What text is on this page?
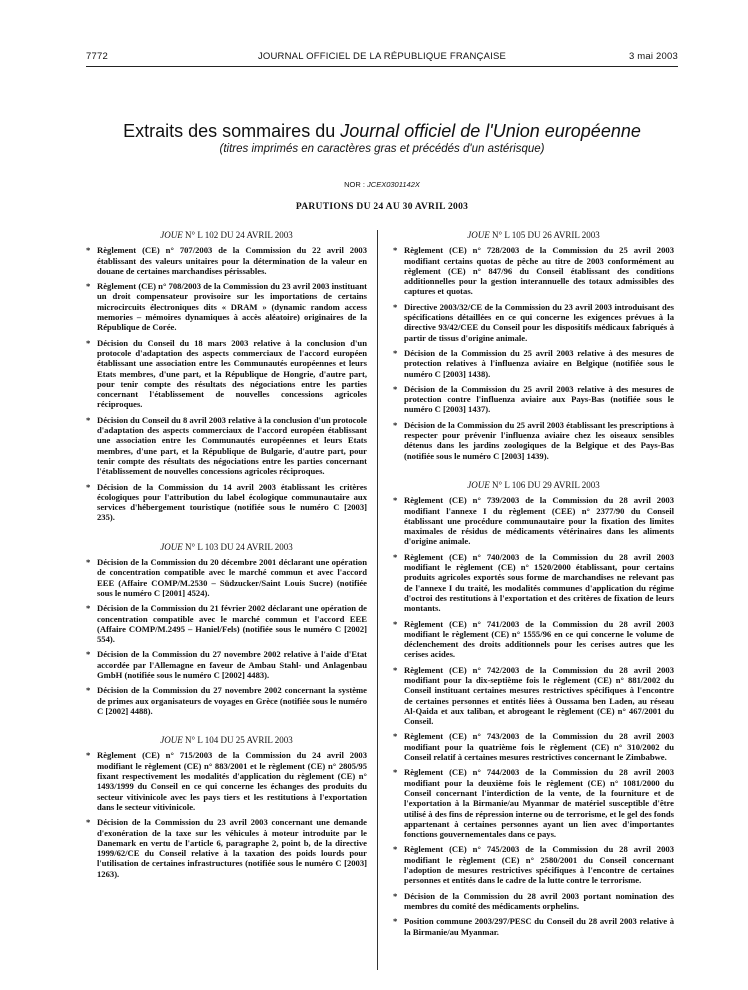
7772	JOURNAL OFFICIEL DE LA RÉPUBLIQUE FRANÇAISE	3 mai 2003
Extraits des sommaires du Journal officiel de l'Union européenne
(titres imprimés en caractères gras et précédés d'un astérisque)
NOR : JCEX0301142X
PARUTIONS DU 24 AU 30 AVRIL 2003
JOUE N° L 102 DU 24 AVRIL 2003
* Règlement (CE) n° 707/2003 de la Commission du 22 avril 2003 établissant des valeurs unitaires pour la détermination de la valeur en douane de certaines marchandises périssables.
* Règlement (CE) n° 708/2003 de la Commission du 23 avril 2003 instituant un droit compensateur provisoire sur les importations de certains microcircuits électroniques dits « DRAM » (dynamic random access memories – mémoires dynamiques à accès aléatoire) originaires de la République de Corée.
* Décision du Conseil du 18 mars 2003 relative à la conclusion d'un protocole d'adaptation des aspects commerciaux de l'accord européen établissant une association entre les Communautés européennes et leurs Etats membres, d'une part, et la République de Hongrie, d'autre part, pour tenir compte des résultats des négociations entre les parties concernant l'établissement de nouvelles concessions agricoles réciproques.
* Décision du Conseil du 8 avril 2003 relative à la conclusion d'un protocole d'adaptation des aspects commerciaux de l'accord européen établissant une association entre les Communautés européennes et leurs Etats membres, d'une part, et la République de Bulgarie, d'autre part, pour tenir compte des résultats des négociations entre les parties concernant l'établissement de nouvelles concessions agricoles réciproques.
* Décision de la Commission du 14 avril 2003 établissant les critères écologiques pour l'attribution du label écologique communautaire aux services d'hébergement touristique (notifiée sous le numéro C [2003] 235).
JOUE N° L 103 DU 24 AVRIL 2003
* Décision de la Commission du 20 décembre 2001 déclarant une opération de concentration compatible avec le marché commun et avec l'accord EEE (Affaire COMP/M.2530 – Südzucker/Saint Louis Sucre) (notifiée sous le numéro C [2001] 4524).
* Décision de la Commission du 21 février 2002 déclarant une opération de concentration compatible avec le marché commun et l'accord EEE (Affaire COMP/M.2495 – Haniel/Fels) (notifiée sous le numéro C [2002] 554).
* Décision de la Commission du 27 novembre 2002 relative à l'aide d'Etat accordée par l'Allemagne en faveur de Ambau Stahl- und Anlagenbau GmbH (notifiée sous le numéro C [2002] 4483).
* Décision de la Commission du 27 novembre 2002 concernant la système de primes aux organisateurs de voyages en Grèce (notifiée sous le numéro C [2002] 4488).
JOUE N° L 104 DU 25 AVRIL 2003
* Règlement (CE) n° 715/2003 de la Commission du 24 avril 2003 modifiant le règlement (CE) n° 883/2001 et le règlement (CE) n° 2805/95 fixant respectivement les modalités d'application du règlement (CE) n° 1493/1999 du Conseil en ce qui concerne les échanges des produits du secteur vitivinicole avec les pays tiers et les restitutions à l'exportation dans le secteur vitivinicole.
* Décision de la Commission du 23 avril 2003 concernant une demande d'exonération de la taxe sur les véhicules à moteur introduite par le Danemark en vertu de l'article 6, paragraphe 2, point b, de la directive 1999/62/CE du Conseil relative à la taxation des poids lourds pour l'utilisation de certaines infrastructures (notifiée sous le numéro C [2003] 1263).
JOUE N° L 105 DU 26 AVRIL 2003
* Règlement (CE) n° 728/2003 de la Commission du 25 avril 2003 modifiant certains quotas de pêche au titre de 2003 conformément au règlement (CE) n° 847/96 du Conseil établissant des conditions additionnelles pour la gestion interannuelle des totaux admissibles des captures et quotas.
* Directive 2003/32/CE de la Commission du 23 avril 2003 introduisant des spécifications détaillées en ce qui concerne les exigences prévues à la directive 93/42/CEE du Conseil pour les dispositifs médicaux fabriqués à partir de tissus d'origine animale.
* Décision de la Commission du 25 avril 2003 relative à des mesures de protection relatives à l'influenza aviaire en Belgique (notifiée sous le numéro C [2003] 1438).
* Décision de la Commission du 25 avril 2003 relative à des mesures de protection contre l'influenza aviaire aux Pays-Bas (notifiée sous le numéro C [2003] 1437).
* Décision de la Commission du 25 avril 2003 établissant les prescriptions à respecter pour prévenir l'influenza aviaire chez les oiseaux sensibles détenus dans les jardins zoologiques de la Belgique et des Pays-Bas (notifiée sous le numéro C [2003] 1439).
JOUE N° L 106 DU 29 AVRIL 2003
* Règlement (CE) n° 739/2003 de la Commission du 28 avril 2003 modifiant l'annexe I du règlement (CEE) n° 2377/90 du Conseil établissant une procédure communautaire pour la fixation des limites maximales de résidus de médicaments vétérinaires dans les aliments d'origine animale.
* Règlement (CE) n° 740/2003 de la Commission du 28 avril 2003 modifiant le règlement (CE) n° 1520/2000 établissant, pour certains produits agricoles exportés sous forme de marchandises ne relevant pas de l'annexe I du traité, les modalités communes d'application du régime d'octroi des restitutions à l'exportation et des critères de fixation de leurs montants.
* Règlement (CE) n° 741/2003 de la Commission du 28 avril 2003 modifiant le règlement (CE) n° 1555/96 en ce qui concerne le volume de déclenchement des droits additionnels pour les cerises autres que les cerises acides.
* Règlement (CE) n° 742/2003 de la Commission du 28 avril 2003 modifiant pour la dix-septième fois le règlement (CE) n° 881/2002 du Conseil instituant certaines mesures restrictives spécifiques à l'encontre de certaines personnes et entités liées à Oussama ben Laden, au réseau Al-Qaida et aux taliban, et abrogeant le règlement (CE) n° 467/2001 du Conseil.
* Règlement (CE) n° 743/2003 de la Commission du 28 avril 2003 modifiant pour la quatrième fois le règlement (CE) n° 310/2002 du Conseil relatif à certaines mesures restrictives concernant le Zimbabwe.
* Règlement (CE) n° 744/2003 de la Commission du 28 avril 2003 modifiant pour la deuxième fois le règlement (CE) n° 1081/2000 du Conseil concernant l'interdiction de la vente, de la fourniture et de l'exportation à la Birmanie/au Myanmar de matériel susceptible d'être utilisé à des fins de répression interne ou de terrorisme, et le gel des fonds appartenant à certaines personnes ayant un lien avec d'importantes fonctions gouvernementales dans ce pays.
* Règlement (CE) n° 745/2003 de la Commission du 28 avril 2003 modifiant le règlement (CE) n° 2580/2001 du Conseil concernant l'adoption de mesures restrictives spécifiques à l'encontre de certaines personnes et entités dans le cadre de la lutte contre le terrorisme.
* Décision de la Commission du 28 avril 2003 portant nomination des membres du comité des médicaments orphelins.
* Position commune 2003/297/PESC du Conseil du 28 avril 2003 relative à la Birmanie/au Myanmar.
